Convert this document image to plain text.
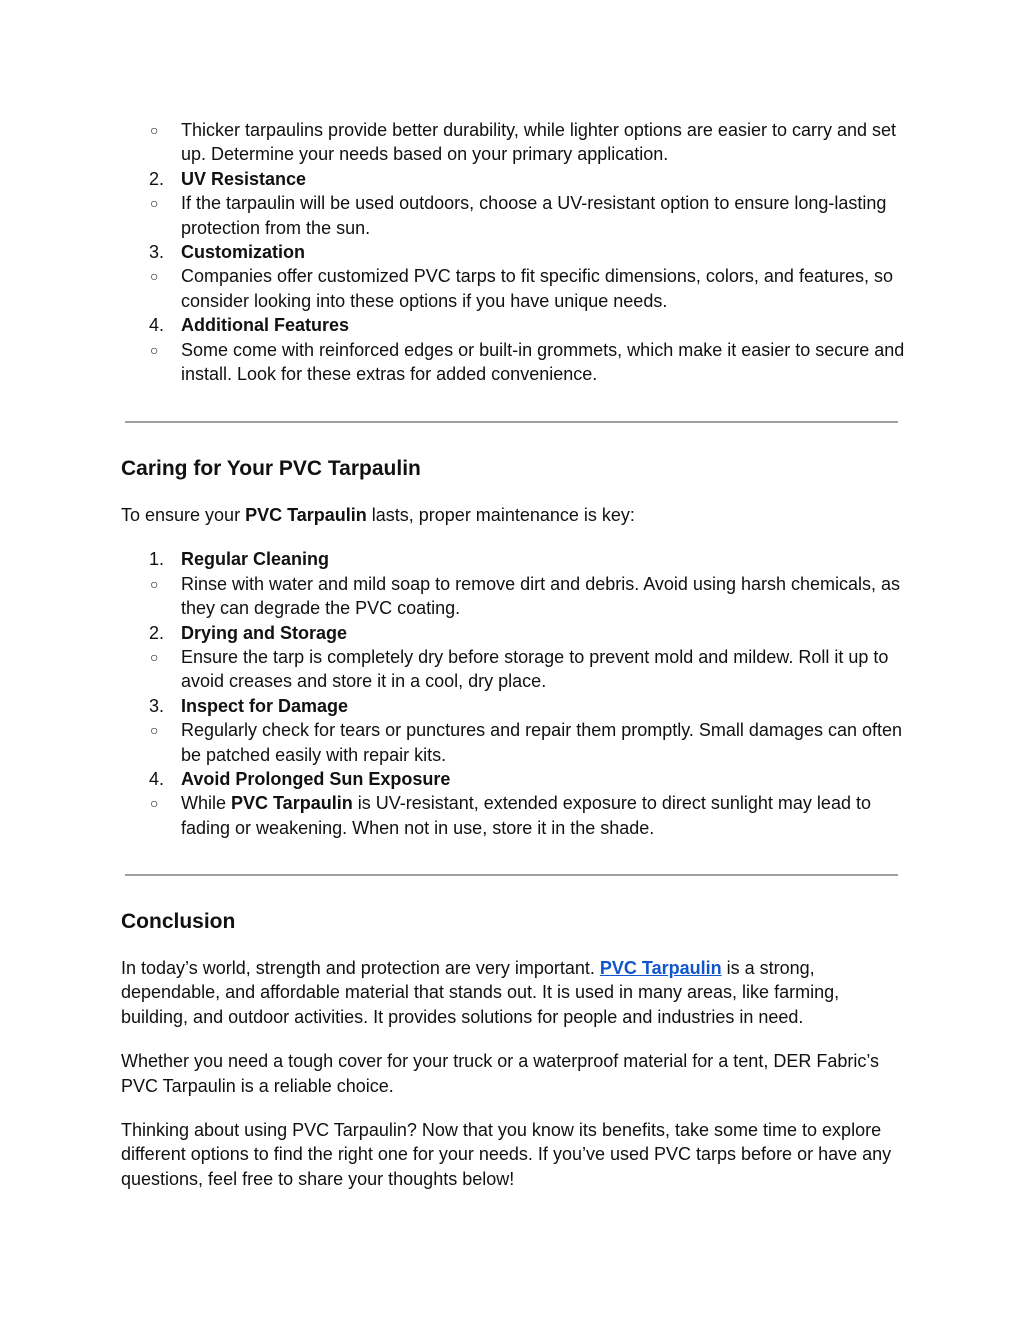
○ Thicker tarpaulins provide better durability, while lighter options are easier to carry and set up. Determine your needs based on your primary application.
2. UV Resistance
○ If the tarpaulin will be used outdoors, choose a UV-resistant option to ensure long-lasting protection from the sun.
3. Customization
○ Companies offer customized PVC tarps to fit specific dimensions, colors, and features, so consider looking into these options if you have unique needs.
4. Additional Features
○ Some come with reinforced edges or built-in grommets, which make it easier to secure and install. Look for these extras for added convenience.
Caring for Your PVC Tarpaulin

To ensure your PVC Tarpaulin lasts, proper maintenance is key:

1. Regular Cleaning
○ Rinse with water and mild soap to remove dirt and debris. Avoid using harsh chemicals, as they can degrade the PVC coating.
2. Drying and Storage
○ Ensure the tarp is completely dry before storage to prevent mold and mildew. Roll it up to avoid creases and store it in a cool, dry place.
3. Inspect for Damage
○ Regularly check for tears or punctures and repair them promptly. Small damages can often be patched easily with repair kits.
4. Avoid Prolonged Sun Exposure
○ While PVC Tarpaulin is UV-resistant, extended exposure to direct sunlight may lead to fading or weakening. When not in use, store it in the shade.
Conclusion

In today’s world, strength and protection are very important. PVC Tarpaulin is a strong, dependable, and affordable material that stands out. It is used in many areas, like farming, building, and outdoor activities. It provides solutions for people and industries in need.

Whether you need a tough cover for your truck or a waterproof material for a tent, DER Fabric’s PVC Tarpaulin is a reliable choice.

Thinking about using PVC Tarpaulin? Now that you know its benefits, take some time to explore different options to find the right one for your needs. If you’ve used PVC tarps before or have any questions, feel free to share your thoughts below!
